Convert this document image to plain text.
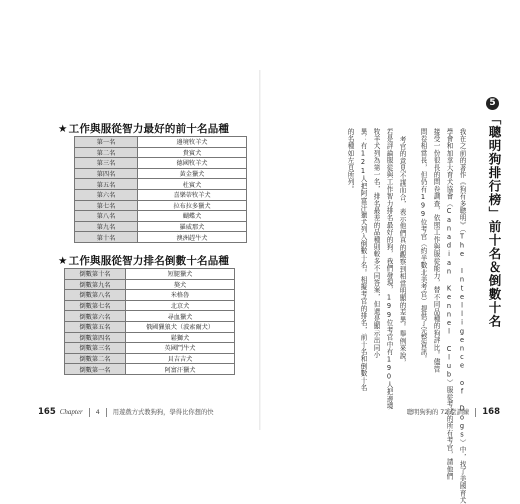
★工作與服從智力最好的前十名品種
第一名	邊境牧羊犬
第二名	貴賓犬
第三名	德國牧羊犬
第四名	黃金獵犬
第五名	杜賓犬
第六名	喜樂蒂牧羊犬
第七名	拉布拉多獵犬
第八名	蝴蝶犬
第九名	羅威那犬
第十名	澳洲趕牛犬
★工作與服從智力排名倒數十名品種
倒數第十名	短腿獵犬
倒數第九名	獒犬
倒數第八名	米格魯
倒數第七名	北京犬
倒數第六名	尋血獵犬
倒數第五名	俄國獵狼犬（波索爾犬）
倒數第四名	鬆獅犬
倒數第三名	英國鬥牛犬
倒數第二名	貝吉吉犬
倒數第一名	阿富汗獵犬
165 Chapter 4 用遊戲方式教狗狗，學得比你想的快
5
「聰明狗排行榜」前十名＆倒數十名
我在之前的著作《狗有多聰明》（The Intelligence of Dogs）中，找了美國育犬
學會和加拿大育犬協會（Canadian Kennel Club）服從考試的所有考官，請他們
接受一份很長的問卷調查，依照工作與服從能力，替不同品種的狗評比。儘管
問卷相當長，但仍有199位考官（約半數北美考官）提供了完整資訊。
考官的意見不謀而合，表示他們真的觀察到相當明顯的差異。舉例來說，
若是評論服從與工作智力排名最好的狗，我們發現，199位考官中有190人把邊境
牧羊犬列為第一名，排名最差的品種則較多不同答案，但還是顯示出同小
異：有121人把阿富汗獵犬列入倒數十名。相擬考官的排名，前十名和倒數十名
的名種如左頁所列。
聰明狗狗的 72 堂訓練 168
